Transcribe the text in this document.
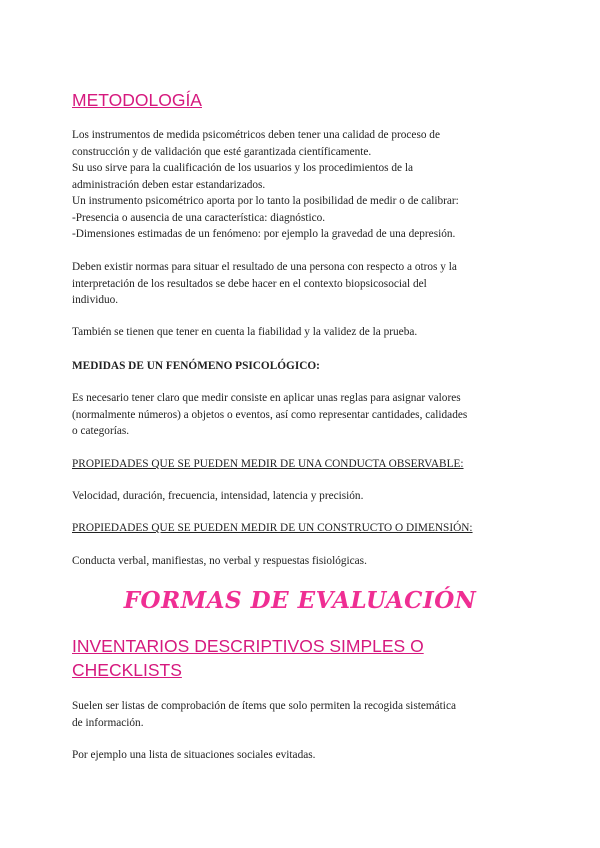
METODOLOGÍA

Los instrumentos de medida psicométricos deben tener una calidad de proceso de
construcción y de validación que esté garantizada científicamente.
Su uso sirve para la cualificación de los usuarios y los procedimientos de la
administración deben estar estandarizados.
Un instrumento psicométrico aporta por lo tanto la posibilidad de medir o de calibrar:
-Presencia o ausencia de una característica: diagnóstico.
-Dimensiones estimadas de un fenómeno: por ejemplo la gravedad de una depresión.

Deben existir normas para situar el resultado de una persona con respecto a otros y la
interpretación de los resultados se debe hacer en el contexto biopsicosocial del
individuo.

También se tienen que tener en cuenta la fiabilidad y la validez de la prueba.

MEDIDAS DE UN FENÓMENO PSICOLÓGICO:

Es necesario tener claro que medir consiste en aplicar unas reglas para asignar valores
(normalmente números) a objetos o eventos, así como representar cantidades, calidades
o categorías.

PROPIEDADES QUE SE PUEDEN MEDIR DE UNA CONDUCTA OBSERVABLE:

Velocidad, duración, frecuencia, intensidad, latencia y precisión.

PROPIEDADES QUE SE PUEDEN MEDIR DE UN CONSTRUCTO O DIMENSIÓN:

Conducta verbal, manifiestas, no verbal y respuestas fisiológicas.

INVENTARIOS DESCRIPTIVOS SIMPLES O
CHECKLISTS

Suelen ser listas de comprobación de ítems que solo permiten la recogida sistemática
de información.

Por ejemplo una lista de situaciones sociales evitadas.

FORMAS DE EVALUACIÓN
